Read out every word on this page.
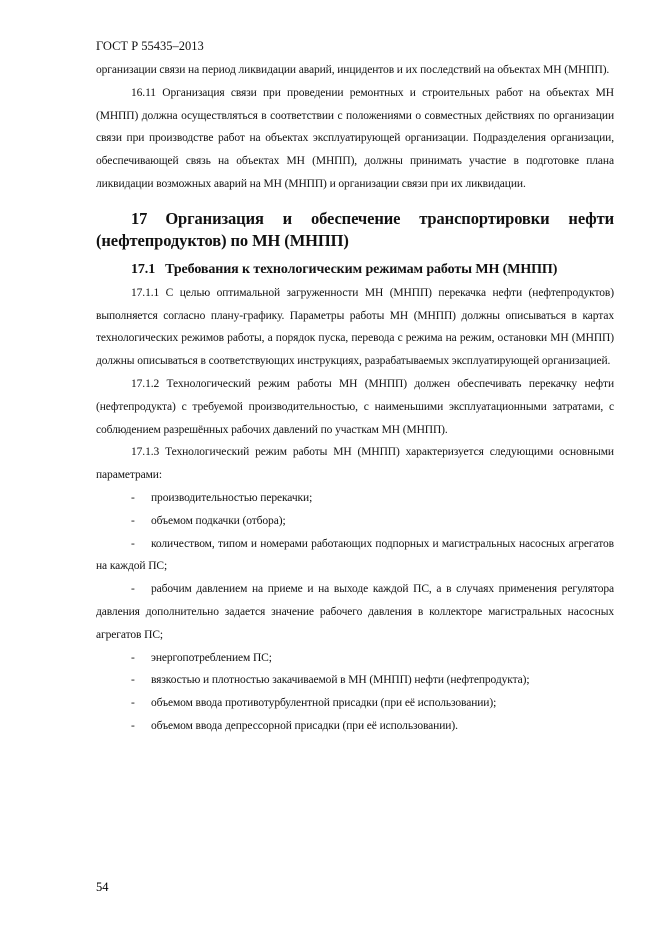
ГОСТ Р 55435–2013

организации связи на период ликвидации аварий, инцидентов и их последствий на объектах МН (МНПП).

16.11 Организация связи при проведении ремонтных и строительных работ на объектах МН (МНПП) должна осуществляться в соответствии с положениями о совместных действиях по организации связи при производстве работ на объектах эксплуатирующей организации. Подразделения организации, обеспечивающей связь на объектах МН (МНПП), должны принимать участие в подготовке плана ликвидации возможных аварий на МН (МНПП) и организации связи при их ликвидации.

17 Организация и обеспечение транспортировки нефти (нефтепродуктов) по МН (МНПП)
17.1 Требования к технологическим режимам работы МН (МНПП)

17.1.1 С целью оптимальной загруженности МН (МНПП) перекачка нефти (нефтепродуктов) выполняется согласно плану-графику. Параметры работы МН (МНПП) должны описываться в картах технологических режимов работы, а порядок пуска, перевода с режима на режим, остановки МН (МНПП) должны описываться в соответствующих инструкциях, разрабатываемых эксплуатирующей организацией.

17.1.2 Технологический режим работы МН (МНПП) должен обеспечивать перекачку нефти (нефтепродукта) с требуемой производительностью, с наименьшими эксплуатационными затратами, с соблюдением разрешённых рабочих давлений по участкам МН (МНПП).

17.1.3 Технологический режим работы МН (МНПП) характеризуется следующими основными параметрами:

- производительностью перекачки;

- объемом подкачки (отбора);

- количеством, типом и номерами работающих подпорных и магистральных насосных агрегатов на каждой ПС;

- рабочим давлением на приеме и на выходе каждой ПС, а в случаях применения регулятора давления дополнительно задается значение рабочего давления в коллекторе магистральных насосных агрегатов ПС;

- энергопотреблением ПС;

- вязкостью и плотностью закачиваемой в МН (МНПП) нефти (нефтепродукта);

- объемом ввода противотурбулентной присадки (при её использовании);

- объемом ввода депрессорной присадки (при её использовании).

54
